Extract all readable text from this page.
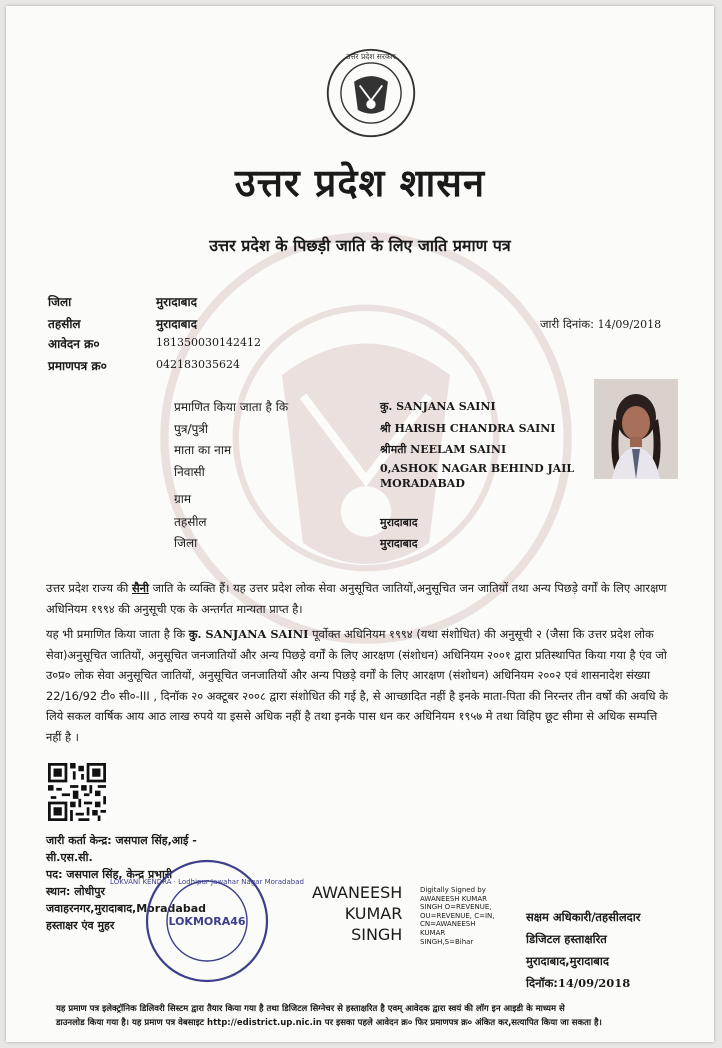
उत्तर प्रदेश सरकार
उत्तर प्रदेश शासन
उत्तर प्रदेश के पिछड़ी जाति के लिए जाति प्रमाण पत्र
जिला	मुरादाबाद
तहसील	मुरादाबाद
आवेदन क्र०	181350030142412
प्रमाणपत्र क्र०	042183035624
जारी दिनांक: 14/09/2018
प्रमाणित किया जाता है कि	कु. SANJANA SAINI
पुत्र/पुत्री	श्री HARISH CHANDRA SAINI
माता का नाम	श्रीमती NEELAM SAINI
निवासी	0,ASHOK NAGAR BEHIND JAIL
MORADABAD
ग्राम
तहसील	मुरादाबाद
जिला	मुरादाबाद
उत्तर प्रदेश राज्य की सैनी जाति के व्यक्ति हैं। यह उत्तर प्रदेश लोक सेवा अनुसूचित जातियों,अनुसूचित जन जातियों तथा अन्य पिछड़े वर्गों के लिए आरक्षण अधिनियम १९९४ की अनुसूची एक के अन्तर्गत मान्यता प्राप्त है।
यह भी प्रमाणित किया जाता है कि कु. SANJANA SAINI पूर्वोक्त अधिनियम १९९४ (यथा संशोधित) की अनुसूची २ (जैसा कि उत्तर प्रदेश लोक सेवा)अनुसूचित जातियों, अनुसूचित जनजातियों और अन्य पिछड़े वर्गों के लिए आरक्षण (संशोधन) अधिनियम २००१ द्वारा प्रतिस्थापित किया गया है एंव जो उ०प्र० लोक सेवा अनुसूचित जातियों, अनुसूचित जनजातियों और अन्य पिछड़े वर्गों के लिए आरक्षण (संशोधन) अधिनियम २००२ एवं शासनादेश संख्या 22/16/92 टी० सी०-III , दिनॉक २० अक्टूबर २००८ द्वारा संशोधित की गई है, से आच्छादित नहीं है इनके माता-पिता की निरन्तर तीन वर्षो की अवधि के लिये सकल वार्षिक आय आठ लाख रुपये या इससे अधिक नहीं है तथा इनके पास धन कर अधिनियम १९५७ मे तथा विहिप छूट सीमा से अधिक सम्पत्ति नहीं है ।
जारी कर्ता केन्द्र: जसपाल सिंह,आई -
सी.एस.सी.
पद: जसपाल सिंह, केन्द्र प्रभारी
स्थान: लोधीपुर
जवाहरनगर,मुरादाबाद,Moradabad
हस्ताक्षर एंव मुहर
LOKVANI KENDRA · Lodhipur Jawahar Nagar Moradabad
LOKMORA46
AWANEESH
KUMAR
SINGH
Digitally Signed by
AWANEESH KUMAR
SINGH O=REVENUE,
OU=REVENUE, C=IN,
CN=AWANEESH
KUMAR
SINGH,S=Bihar
सक्षम अधिकारी/तहसीलदार
डिजिटल हस्ताक्षरित
मुरादाबाद,मुरादाबाद
दिनॉक:14/09/2018
यह प्रमाण पत्र इलेक्ट्रॉनिक डिलिवरी सिस्टम द्वारा तैयार किया गया है तथा डिजिटल सिग्नेचर से हस्ताक्षरित है एवम् आवेदक द्वारा स्वयं की लॉग इन आइडी के माध्यम से
डाउनलोड किया गया है। यह प्रमाण पत्र वेबसाइट http://edistrict.up.nic.in पर इसका पहले आवेदन क्र० फिर प्रमाणपत्र क्र० अंकित कर,सत्यापित किया जा सकता है।
